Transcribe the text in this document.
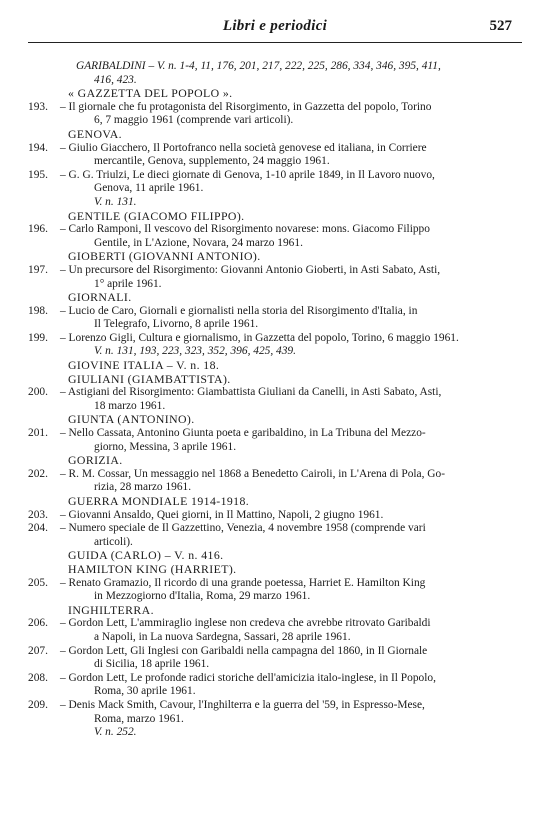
Libri e periodici	527
GARIBALDINI – V. n. 1-4, 11, 176, 201, 217, 222, 225, 286, 334, 346, 395, 411,
416, 423.
« GAZZETTA DEL POPOLO ».
193.	– Il giornale che fu protagonista del Risorgimento, in Gazzetta del popolo, Torino
6, 7 maggio 1961 (comprende vari articoli).
GENOVA.
194.	– Giulio Giacchero, Il Portofranco nella società genovese ed italiana, in Corriere
mercantile, Genova, supplemento, 24 maggio 1961.
195.	– G. G. Triulzi, Le dieci giornate di Genova, 1-10 aprile 1849, in Il Lavoro nuovo,
Genova, 11 aprile 1961.
V. n. 131.
GENTILE (GIACOMO FILIPPO).
196.	– Carlo Ramponi, Il vescovo del Risorgimento novarese: mons. Giacomo Filippo
Gentile, in L'Azione, Novara, 24 marzo 1961.
GIOBERTI (GIOVANNI ANTONIO).
197.	– Un precursore del Risorgimento: Giovanni Antonio Gioberti, in Asti Sabato, Asti,
1° aprile 1961.
GIORNALI.
198.	– Lucio de Caro, Giornali e giornalisti nella storia del Risorgimento d'Italia, in
Il Telegrafo, Livorno, 8 aprile 1961.
199.	– Lorenzo Gigli, Cultura e giornalismo, in Gazzetta del popolo, Torino, 6 maggio 1961.
V. n. 131, 193, 223, 323, 352, 396, 425, 439.
GIOVINE ITALIA – V. n. 18.
GIULIANI (GIAMBATTISTA).
200.	– Astigiani del Risorgimento: Giambattista Giuliani da Canelli, in Asti Sabato, Asti,
18 marzo 1961.
GIUNTA (ANTONINO).
201.	– Nello Cassata, Antonino Giunta poeta e garibaldino, in La Tribuna del Mezzo-
giorno, Messina, 3 aprile 1961.
GORIZIA.
202.	– R. M. Cossar, Un messaggio nel 1868 a Benedetto Cairoli, in L'Arena di Pola, Go-
rizia, 28 marzo 1961.
GUERRA MONDIALE 1914-1918.
203.	– Giovanni Ansaldo, Quei giorni, in Il Mattino, Napoli, 2 giugno 1961.
204.	– Numero speciale de Il Gazzettino, Venezia, 4 novembre 1958 (comprende vari
articoli).
GUIDA (CARLO) – V. n. 416.
HAMILTON KING (HARRIET).
205.	– Renato Gramazio, Il ricordo di una grande poetessa, Harriet E. Hamilton King
in Mezzogiorno d'Italia, Roma, 29 marzo 1961.
INGHILTERRA.
206.	– Gordon Lett, L'ammiraglio inglese non credeva che avrebbe ritrovato Garibaldi
a Napoli, in La nuova Sardegna, Sassari, 28 aprile 1961.
207.	– Gordon Lett, Gli Inglesi con Garibaldi nella campagna del 1860, in Il Giornale
di Sicilia, 18 aprile 1961.
208.	– Gordon Lett, Le profonde radici storiche dell'amicizia italo-inglese, in Il Popolo,
Roma, 30 aprile 1961.
209.	– Denis Mack Smith, Cavour, l'Inghilterra e la guerra del '59, in Espresso-Mese,
Roma, marzo 1961.
V. n. 252.
